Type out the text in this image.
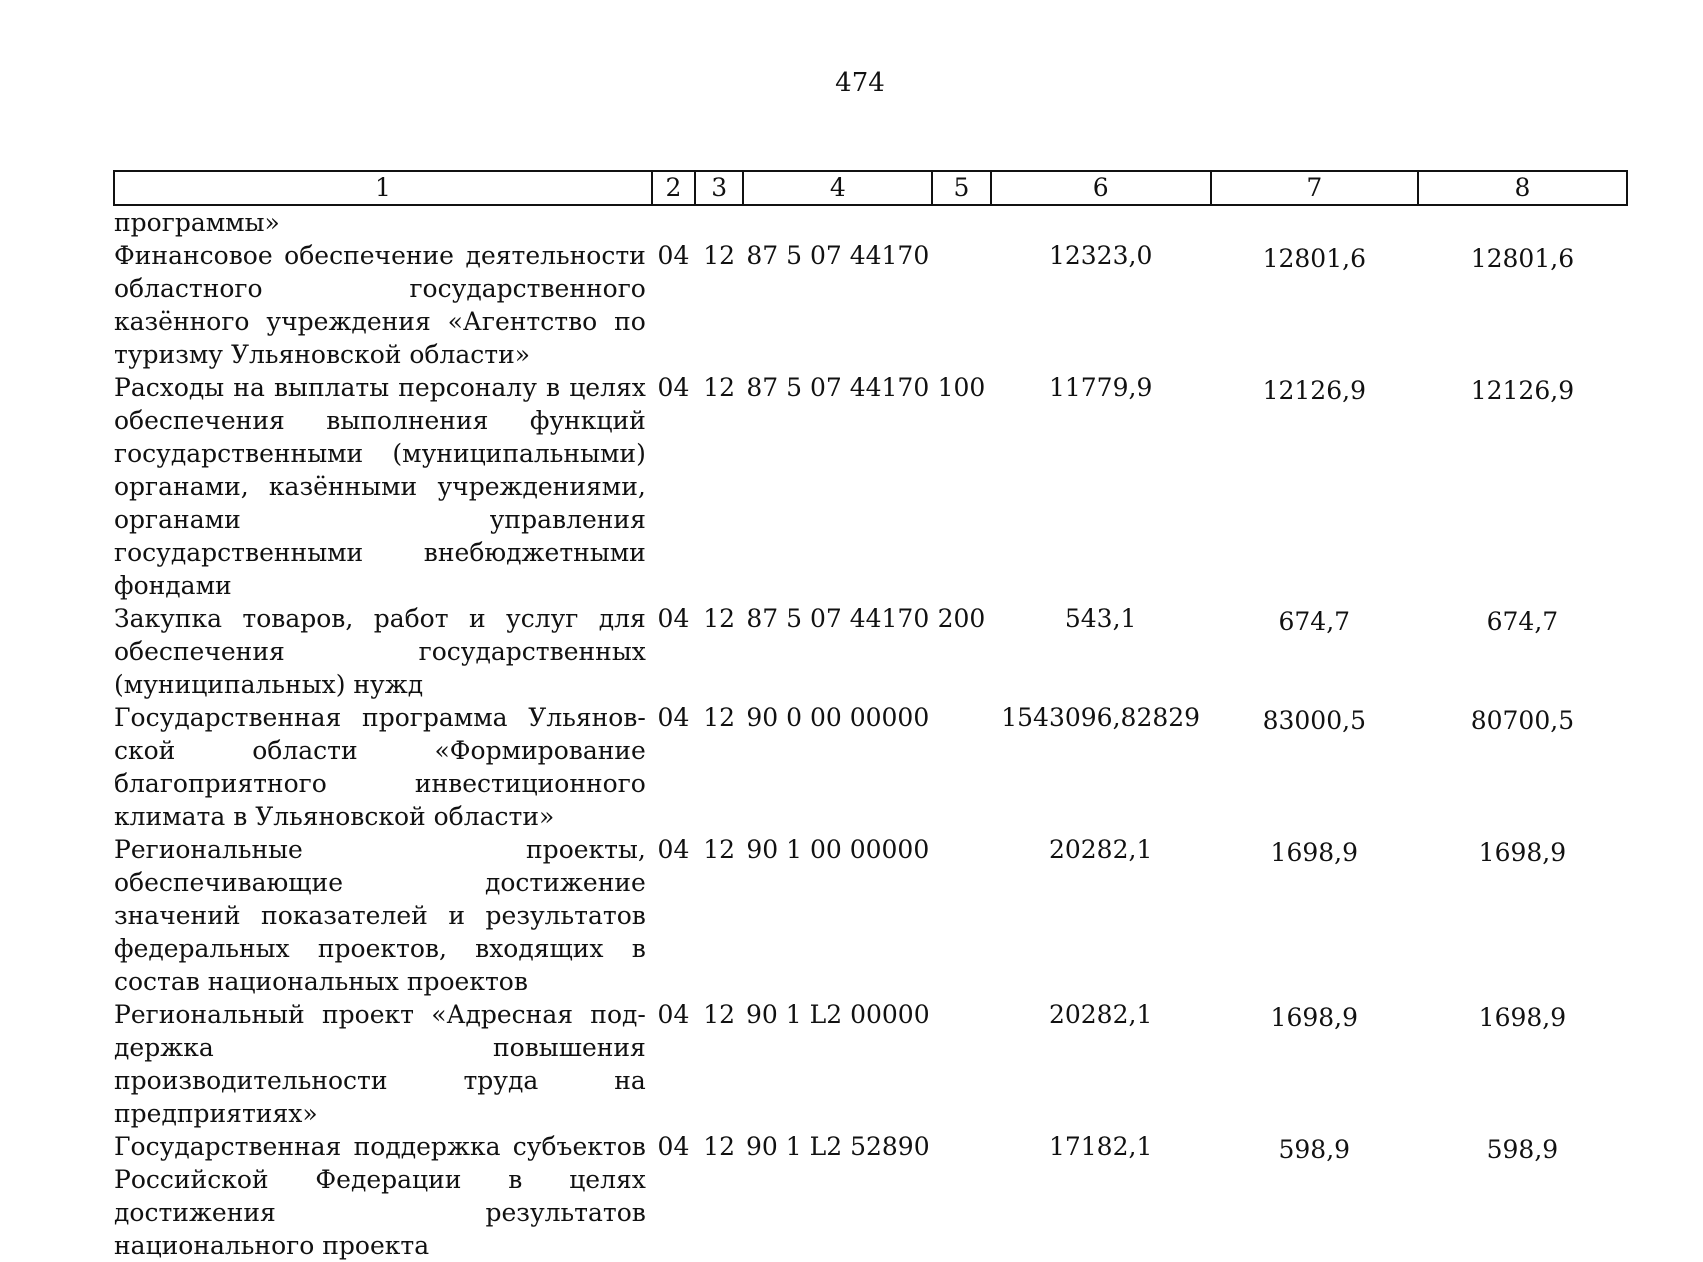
474
1	2	3	4	5	6	7	8
программы»							
Финансовое обеспечение деятельности областного государственного казённого учреждения «Агентство по туризму Ульяновской области»	04	12	87 5 07 44170		12323,0	12801,6	12801,6
Расходы на выплаты персоналу в целях обеспечения выполнения функций государственными (муниципальными) органами, казёнными учреждениями, органами управления государственными внебюджетными фондами	04	12	87 5 07 44170	100	11779,9	12126,9	12126,9
Закупка товаров, работ и услуг для обеспечения государственных (муниципальных) нужд	04	12	87 5 07 44170	200	543,1	674,7	674,7
Государственная программа Ульяновской области «Формирование благоприятного инвестиционного климата в Ульяновской области»	04	12	90 0 00 00000		1543096,82829	83000,5	80700,5
Региональные проекты, обеспечивающие достижение значений показателей и результатов федеральных проектов, входящих в состав национальных проектов	04	12	90 1 00 00000		20282,1	1698,9	1698,9
Региональный проект «Адресная поддержка повышения производительности труда на предприятиях»	04	12	90 1 L2 00000		20282,1	1698,9	1698,9
Государственная поддержка субъектов Российской Федерации в целях достижения результатов национального проекта	04	12	90 1 L2 52890		17182,1	598,9	598,9
